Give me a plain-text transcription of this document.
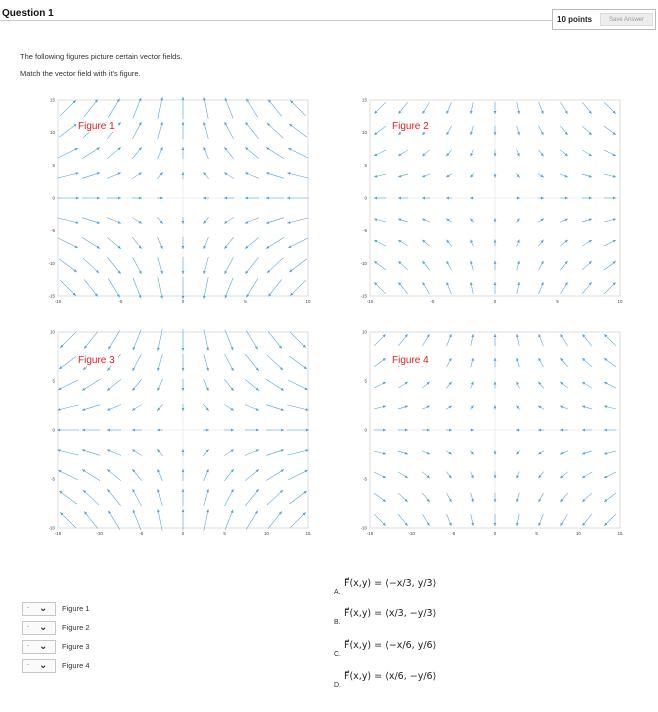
Question 1
10 points	Save Answer
The following figures picture certain vector fields.
Match the vector field with it's figure.
-10	-5	0	5	10
15
10
5
0
-5
-10
-15
Figure 1
-10	-5	0	5	10
15
10
5
0
-5
-10
-15
Figure 2
-15	-10	-5	0	5	10	15
10
5
0
-5
-10
Figure 3
-15	-10	-5	0	5	10	15
10
5
0
-5
-10
Figure 4
- ⌄ Figure 1
- ⌄ Figure 2
- ⌄ Figure 3
- ⌄ Figure 4
F⃗(x,y) = ⟨−x/3, y/3⟩
A.
F⃗(x,y) = ⟨x/3, −y/3⟩
B.
F⃗(x,y) = ⟨−x/6, y/6⟩
C.
F⃗(x,y) = ⟨x/6, −y/6⟩
D.
